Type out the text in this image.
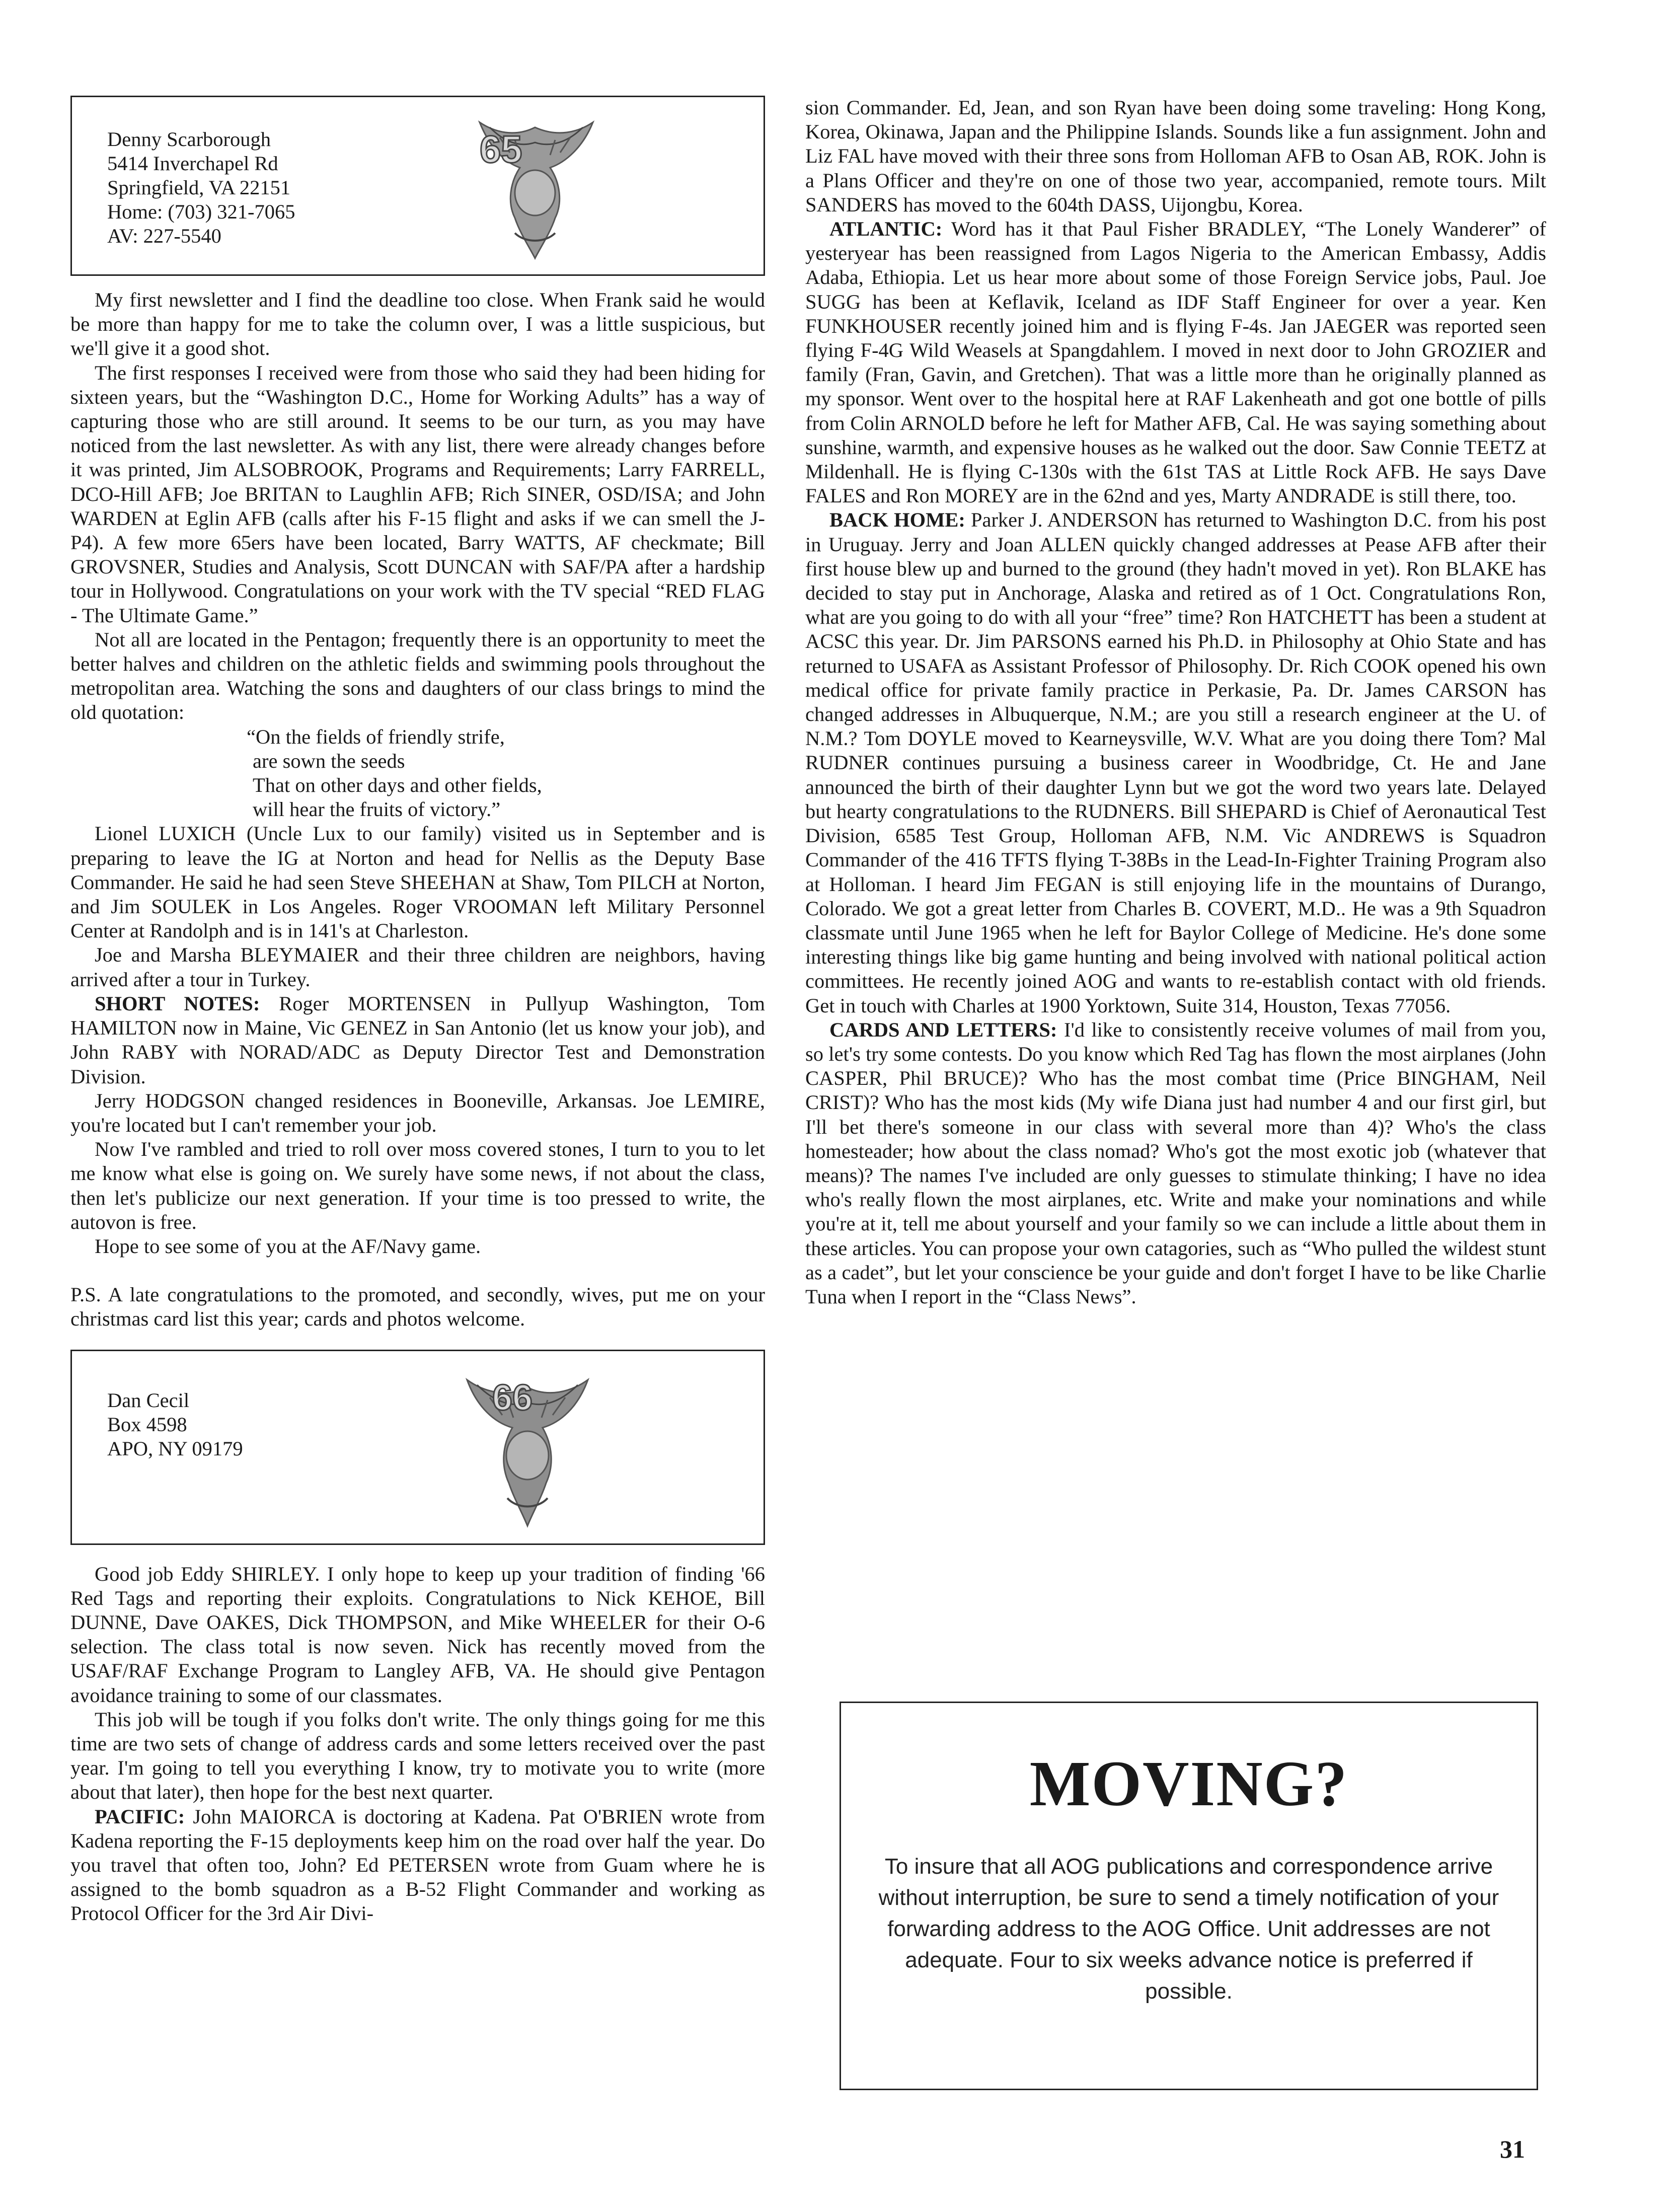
Denny Scarborough
5414 Inverchapel Rd
Springfield, VA 22151
Home: (703) 321-7065
AV: 227-5540
65

My first newsletter and I find the deadline too close. When Frank said he would be more than happy for me to take the column over, I was a little suspicious, but we'll give it a good shot.

The first responses I received were from those who said they had been hiding for sixteen years, but the “Washington D.C., Home for Working Adults” has a way of capturing those who are still around. It seems to be our turn, as you may have noticed from the last newsletter. As with any list, there were already changes before it was printed, Jim ALSOBROOK, Programs and Requirements; Larry FARRELL, DCO-Hill AFB; Joe BRITAN to Laughlin AFB; Rich SINER, OSD/ISA; and John WARDEN at Eglin AFB (calls after his F-15 flight and asks if we can smell the J-P4). A few more 65ers have been located, Barry WATTS, AF checkmate; Bill GROVSNER, Studies and Analysis, Scott DUNCAN with SAF/PA after a hardship tour in Hollywood. Congratulations on your work with the TV special “RED FLAG - The Ultimate Game.”

Not all are located in the Pentagon; frequently there is an opportunity to meet the better halves and children on the athletic fields and swimming pools throughout the metropolitan area. Watching the sons and daughters of our class brings to mind the old quotation:

“On the fields of friendly strife,
are sown the seeds
That on other days and other fields,
will hear the fruits of victory.”

Lionel LUXICH (Uncle Lux to our family) visited us in September and is preparing to leave the IG at Norton and head for Nellis as the Deputy Base Commander. He said he had seen Steve SHEEHAN at Shaw, Tom PILCH at Norton, and Jim SOULEK in Los Angeles. Roger VROOMAN left Military Personnel Center at Randolph and is in 141's at Charleston.

Joe and Marsha BLEYMAIER and their three children are neighbors, having arrived after a tour in Turkey.

SHORT NOTES: Roger MORTENSEN in Pullyup Washington, Tom HAMILTON now in Maine, Vic GENEZ in San Antonio (let us know your job), and John RABY with NORAD/ADC as Deputy Director Test and Demonstration Division.

Jerry HODGSON changed residences in Booneville, Arkansas. Joe LEMIRE, you're located but I can't remember your job.

Now I've rambled and tried to roll over moss covered stones, I turn to you to let me know what else is going on. We surely have some news, if not about the class, then let's publicize our next generation. If your time is too pressed to write, the autovon is free.

Hope to see some of you at the AF/Navy game.

P.S. A late congratulations to the promoted, and secondly, wives, put me on your christmas card list this year; cards and photos welcome.

Dan Cecil
Box 4598
APO, NY 09179
66

Good job Eddy SHIRLEY. I only hope to keep up your tradition of finding '66 Red Tags and reporting their exploits. Congratulations to Nick KEHOE, Bill DUNNE, Dave OAKES, Dick THOMPSON, and Mike WHEELER for their O-6 selection. The class total is now seven. Nick has recently moved from the USAF/RAF Exchange Program to Langley AFB, VA. He should give Pentagon avoidance training to some of our classmates.

This job will be tough if you folks don't write. The only things going for me this time are two sets of change of address cards and some letters received over the past year. I'm going to tell you everything I know, try to motivate you to write (more about that later), then hope for the best next quarter.

PACIFIC: John MAIORCA is doctoring at Kadena. Pat O'BRIEN wrote from Kadena reporting the F-15 deployments keep him on the road over half the year. Do you travel that often too, John? Ed PETERSEN wrote from Guam where he is assigned to the bomb squadron as a B-52 Flight Commander and working as Protocol Officer for the 3rd Air Divi-

sion Commander. Ed, Jean, and son Ryan have been doing some traveling: Hong Kong, Korea, Okinawa, Japan and the Philippine Islands. Sounds like a fun assignment. John and Liz FAL have moved with their three sons from Holloman AFB to Osan AB, ROK. John is a Plans Officer and they're on one of those two year, accompanied, remote tours. Milt SANDERS has moved to the 604th DASS, Uijongbu, Korea.

ATLANTIC: Word has it that Paul Fisher BRADLEY, “The Lonely Wanderer” of yesteryear has been reassigned from Lagos Nigeria to the American Embassy, Addis Adaba, Ethiopia. Let us hear more about some of those Foreign Service jobs, Paul. Joe SUGG has been at Keflavik, Iceland as IDF Staff Engineer for over a year. Ken FUNKHOUSER recently joined him and is flying F-4s. Jan JAEGER was reported seen flying F-4G Wild Weasels at Spangdahlem. I moved in next door to John GROZIER and family (Fran, Gavin, and Gretchen). That was a little more than he originally planned as my sponsor. Went over to the hospital here at RAF Lakenheath and got one bottle of pills from Colin ARNOLD before he left for Mather AFB, Cal. He was saying something about sunshine, warmth, and expensive houses as he walked out the door. Saw Connie TEETZ at Mildenhall. He is flying C-130s with the 61st TAS at Little Rock AFB. He says Dave FALES and Ron MOREY are in the 62nd and yes, Marty ANDRADE is still there, too.

BACK HOME: Parker J. ANDERSON has returned to Washington D.C. from his post in Uruguay. Jerry and Joan ALLEN quickly changed addresses at Pease AFB after their first house blew up and burned to the ground (they hadn't moved in yet). Ron BLAKE has decided to stay put in Anchorage, Alaska and retired as of 1 Oct. Congratulations Ron, what are you going to do with all your “free” time? Ron HATCHETT has been a student at ACSC this year. Dr. Jim PARSONS earned his Ph.D. in Philosophy at Ohio State and has returned to USAFA as Assistant Professor of Philosophy. Dr. Rich COOK opened his own medical office for private family practice in Perkasie, Pa. Dr. James CARSON has changed addresses in Albuquerque, N.M.; are you still a research engineer at the U. of N.M.? Tom DOYLE moved to Kearneysville, W.V. What are you doing there Tom? Mal RUDNER continues pursuing a business career in Woodbridge, Ct. He and Jane announced the birth of their daughter Lynn but we got the word two years late. Delayed but hearty congratulations to the RUDNERS. Bill SHEPARD is Chief of Aeronautical Test Division, 6585 Test Group, Holloman AFB, N.M. Vic ANDREWS is Squadron Commander of the 416 TFTS flying T-38Bs in the Lead-In-Fighter Training Program also at Holloman. I heard Jim FEGAN is still enjoying life in the mountains of Durango, Colorado. We got a great letter from Charles B. COVERT, M.D.. He was a 9th Squadron classmate until June 1965 when he left for Baylor College of Medicine. He's done some interesting things like big game hunting and being involved with national political action committees. He recently joined AOG and wants to re-establish contact with old friends. Get in touch with Charles at 1900 Yorktown, Suite 314, Houston, Texas 77056.

CARDS AND LETTERS: I'd like to consistently receive volumes of mail from you, so let's try some contests. Do you know which Red Tag has flown the most airplanes (John CASPER, Phil BRUCE)? Who has the most combat time (Price BINGHAM, Neil CRIST)? Who has the most kids (My wife Diana just had number 4 and our first girl, but I'll bet there's someone in our class with several more than 4)? Who's the class homesteader; how about the class nomad? Who's got the most exotic job (whatever that means)? The names I've included are only guesses to stimulate thinking; I have no idea who's really flown the most airplanes, etc. Write and make your nominations and while you're at it, tell me about yourself and your family so we can include a little about them in these articles. You can propose your own catagories, such as “Who pulled the wildest stunt as a cadet”, but let your conscience be your guide and don't forget I have to be like Charlie Tuna when I report in the “Class News”.

MOVING?
To insure that all AOG publications and correspondence arrive without interruption, be sure to send a timely notification of your forwarding address to the AOG Office. Unit addresses are not adequate. Four to six weeks advance notice is preferred if possible.
31
